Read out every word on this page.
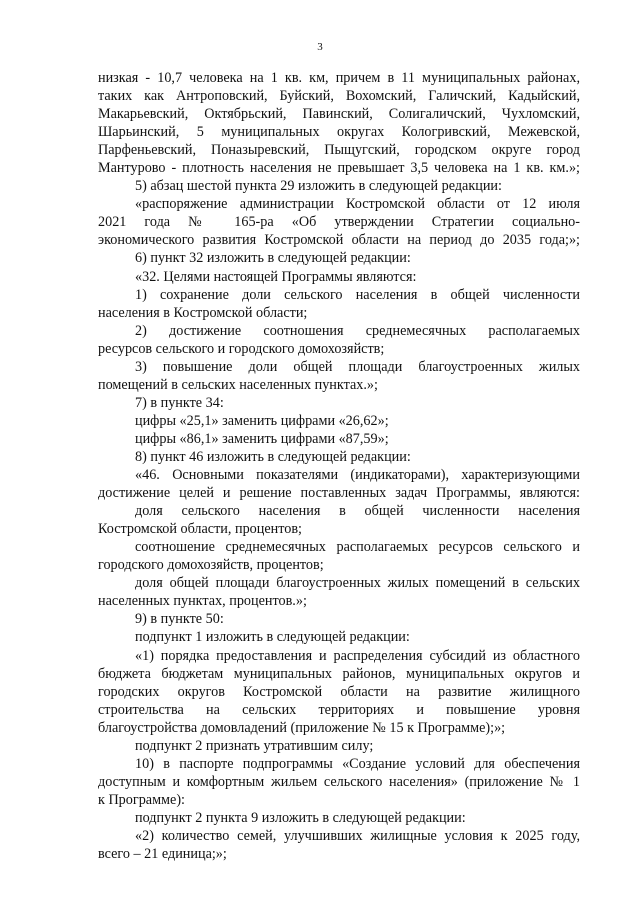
3
низкая - 10,7 человека на 1 кв. км, причем в 11 муниципальных районах,
таких как Антроповский, Буйский, Вохомский, Галичский, Кадыйский,
Макарьевский, Октябрьский, Павинский, Солигаличский, Чухломский,
Шарьинский, 5 муниципальных округах Кологривский, Межевской,
Парфеньевский, Поназыревский, Пыщугский, городском округе город
Мантурово - плотность населения не превышает 3,5 человека на 1 кв. км.»;
5) абзац шестой пункта 29 изложить в следующей редакции:
«распоряжение администрации Костромской области от 12 июля
2021 года № 165-ра «Об утверждении Стратегии социально-
экономического развития Костромской области на период до 2035 года;»;
6) пункт 32 изложить в следующей редакции:
«32. Целями настоящей Программы являются:
1) сохранение доли сельского населения в общей численности
населения в Костромской области;
2) достижение соотношения среднемесячных располагаемых
ресурсов сельского и городского домохозяйств;
3) повышение доли общей площади благоустроенных жилых
помещений в сельских населенных пунктах.»;
7) в пункте 34:
цифры «25,1» заменить цифрами «26,62»;
цифры «86,1» заменить цифрами «87,59»;
8) пункт 46 изложить в следующей редакции:
«46. Основными показателями (индикаторами), характеризующими
достижение целей и решение поставленных задач Программы, являются:
доля сельского населения в общей численности населения
Костромской области, процентов;
соотношение среднемесячных располагаемых ресурсов сельского и
городского домохозяйств, процентов;
доля общей площади благоустроенных жилых помещений в сельских
населенных пунктах, процентов.»;
9) в пункте 50:
подпункт 1 изложить в следующей редакции:
«1) порядка предоставления и распределения субсидий из областного
бюджета бюджетам муниципальных районов, муниципальных округов и
городских округов Костромской области на развитие жилищного
строительства на сельских территориях и повышение уровня
благоустройства домовладений (приложение № 15 к Программе);»;
подпункт 2 признать утратившим силу;
10) в паспорте подпрограммы «Создание условий для обеспечения
доступным и комфортным жильем сельского населения» (приложение № 1
к Программе):
подпункт 2 пункта 9 изложить в следующей редакции:
«2) количество семей, улучшивших жилищные условия к 2025 году,
всего – 21 единица;»;
